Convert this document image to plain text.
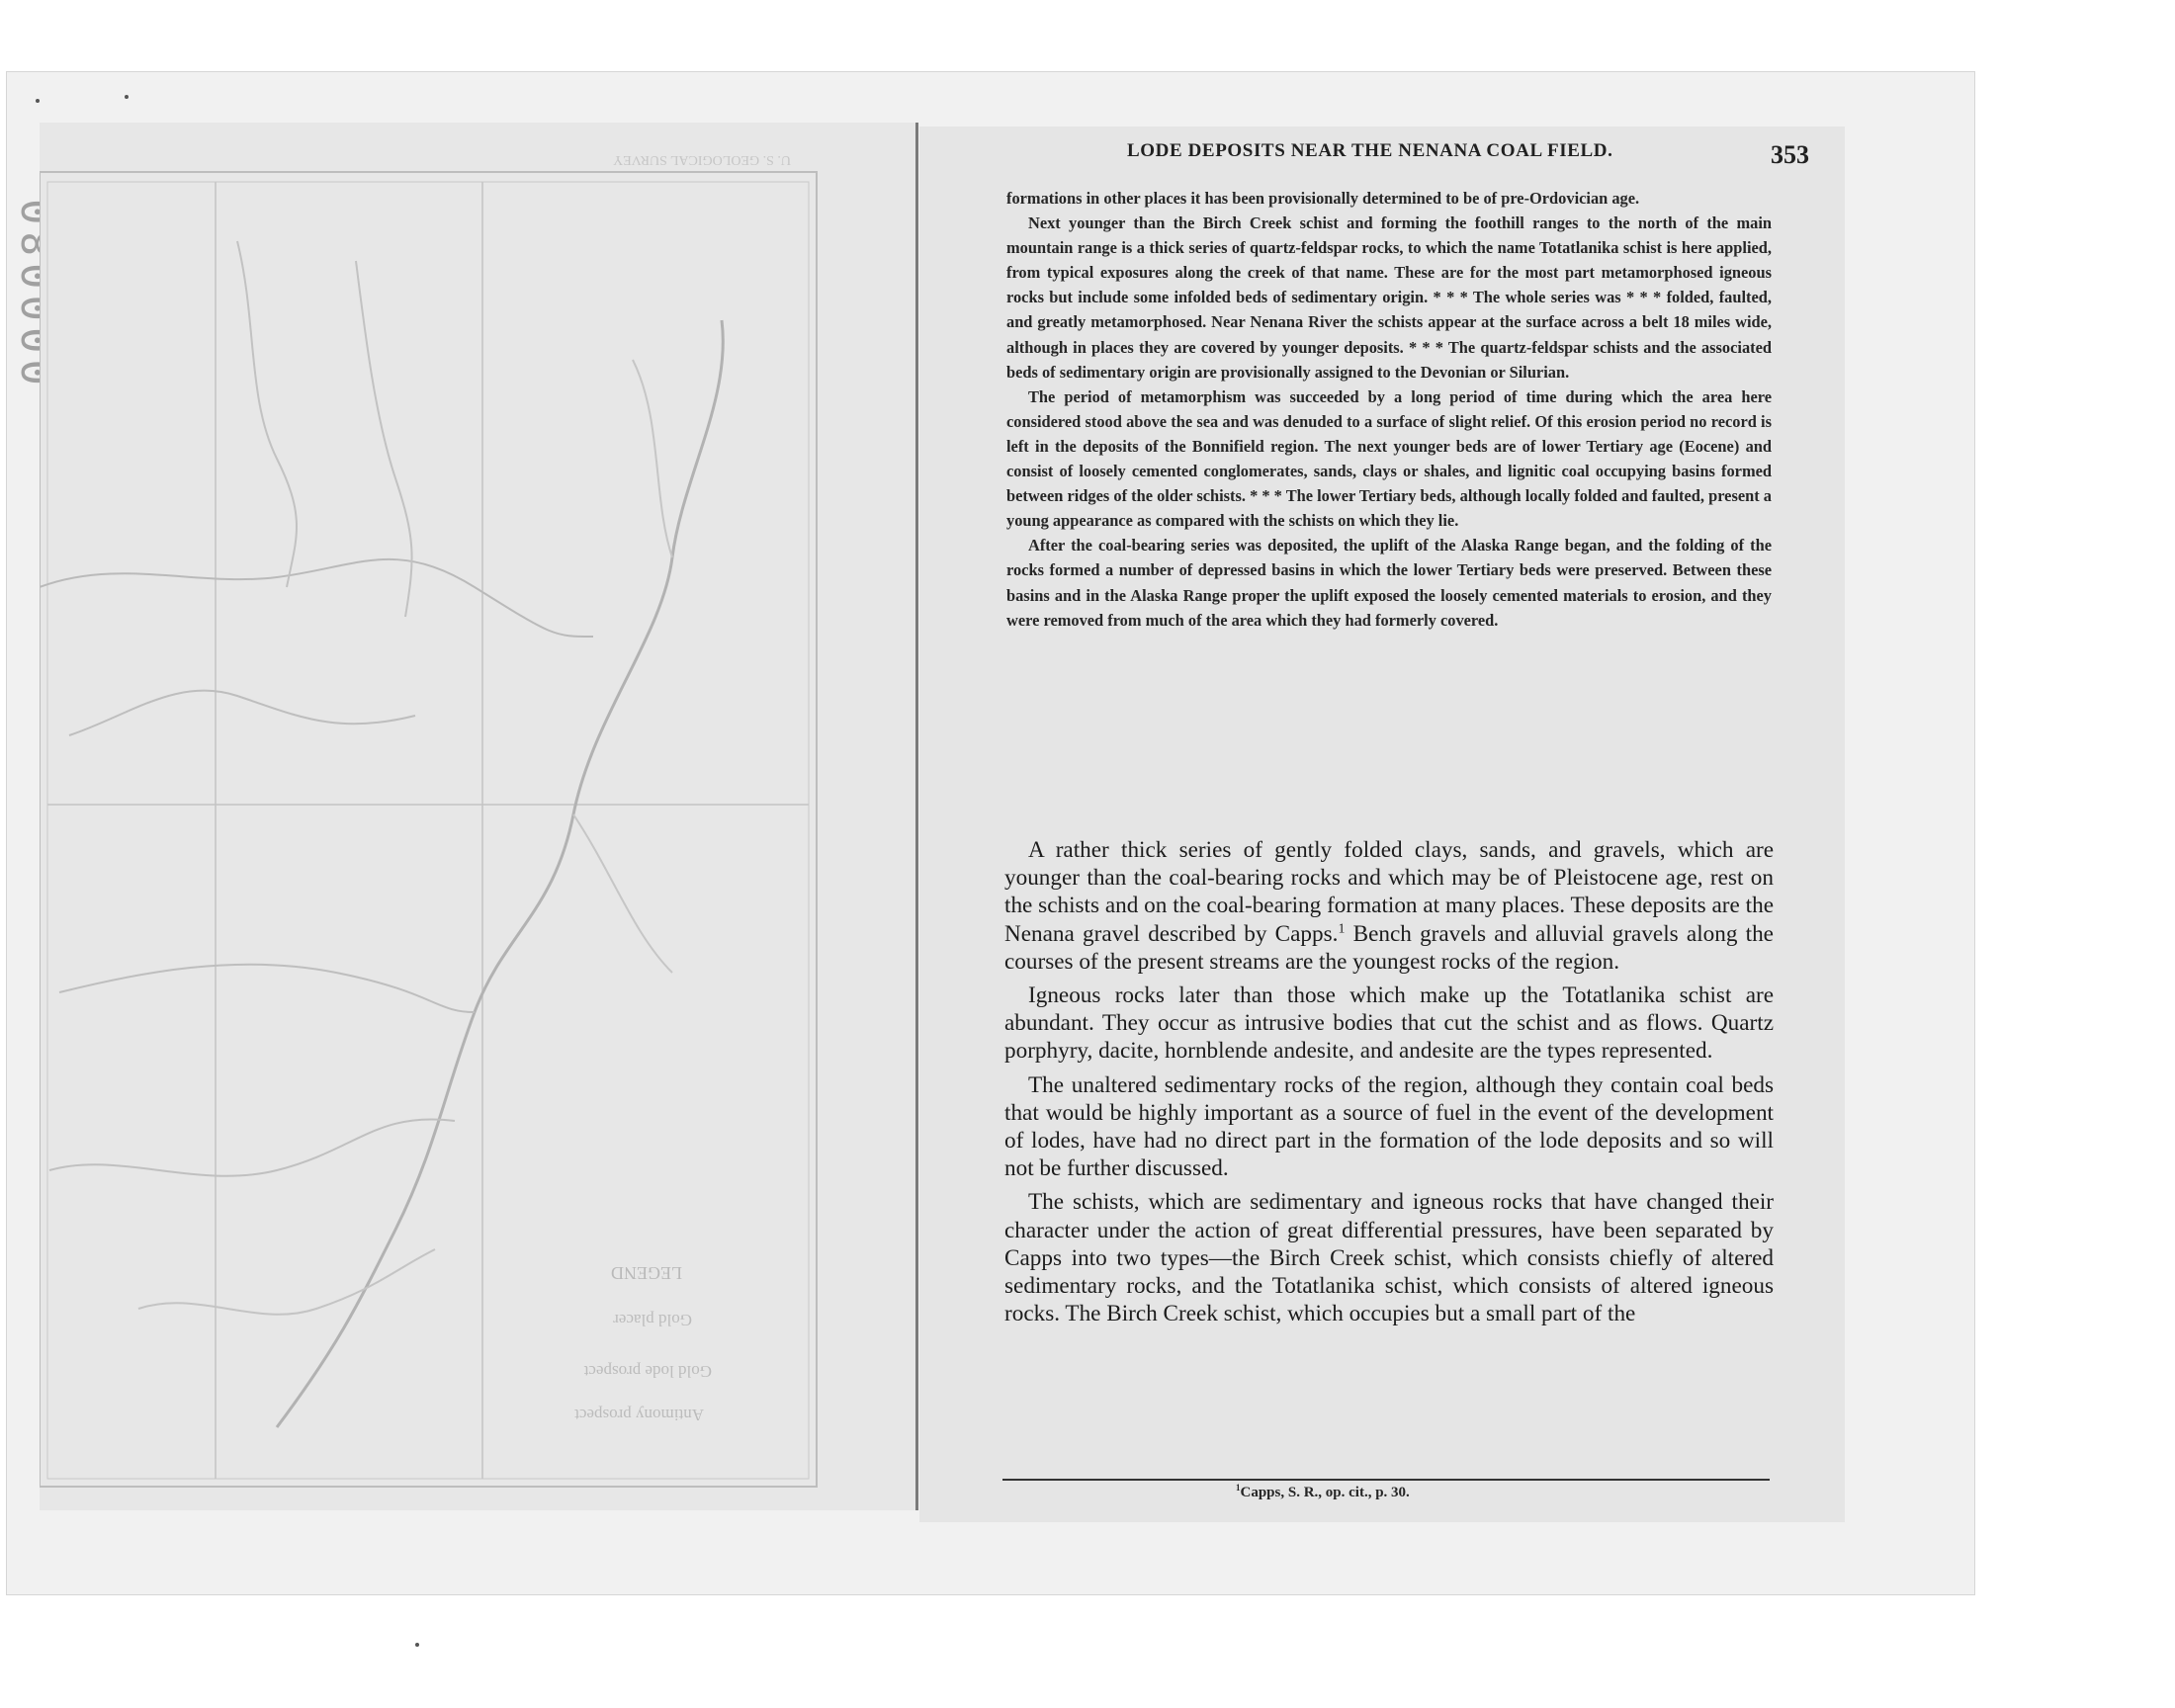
LEGEND
Gold placer
Gold lode prospect
Antimony prospect
U. S. GEOLOGICAL SURVEY	LODE DEPOSITS NEAR THE NENANA COAL FIELD.	353

formations in other places it has been provisionally determined to be of pre-Ordovician age.

Next younger than the Birch Creek schist and forming the foothill ranges to the north of the main mountain range is a thick series of quartz-feldspar rocks, to which the name Totatlanika schist is here applied, from typical exposures along the creek of that name. These are for the most part metamorphosed igneous rocks but include some infolded beds of sedimentary origin. * * * The whole series was * * * folded, faulted, and greatly metamorphosed. Near Nenana River the schists appear at the surface across a belt 18 miles wide, although in places they are covered by younger deposits. * * * The quartz-feldspar schists and the associated beds of sedimentary origin are provisionally assigned to the Devonian or Silurian.

The period of metamorphism was succeeded by a long period of time during which the area here considered stood above the sea and was denuded to a surface of slight relief. Of this erosion period no record is left in the deposits of the Bonnifield region. The next younger beds are of lower Tertiary age (Eocene) and consist of loosely cemented conglomerates, sands, clays or shales, and lignitic coal occupying basins formed between ridges of the older schists. * * * The lower Tertiary beds, although locally folded and faulted, present a young appearance as compared with the schists on which they lie.

After the coal-bearing series was deposited, the uplift of the Alaska Range began, and the folding of the rocks formed a number of depressed basins in which the lower Tertiary beds were preserved. Between these basins and in the Alaska Range proper the uplift exposed the loosely cemented materials to erosion, and they were removed from much of the area which they had formerly covered.

A rather thick series of gently folded clays, sands, and gravels, which are younger than the coal-bearing rocks and which may be of Pleistocene age, rest on the schists and on the coal-bearing formation at many places. These deposits are the Nenana gravel described by Capps.$^1$ Bench gravels and alluvial gravels along the courses of the present streams are the youngest rocks of the region.

Igneous rocks later than those which make up the Totatlanika schist are abundant. They occur as intrusive bodies that cut the schist and as flows. Quartz porphyry, dacite, hornblende andesite, and andesite are the types represented.

The unaltered sedimentary rocks of the region, although they contain coal beds that would be highly important as a source of fuel in the event of the development of lodes, have had no direct part in the formation of the lode deposits and so will not be further discussed.

The schists, which are sedimentary and igneous rocks that have changed their character under the action of great differential pressures, have been separated by Capps into two types—the Birch Creek schist, which consists chiefly of altered sedimentary rocks, and the Totatlanika schist, which consists of altered igneous rocks. The Birch Creek schist, which occupies but a small part of the

$^1$Capps, S. R., op. cit., p. 30.
